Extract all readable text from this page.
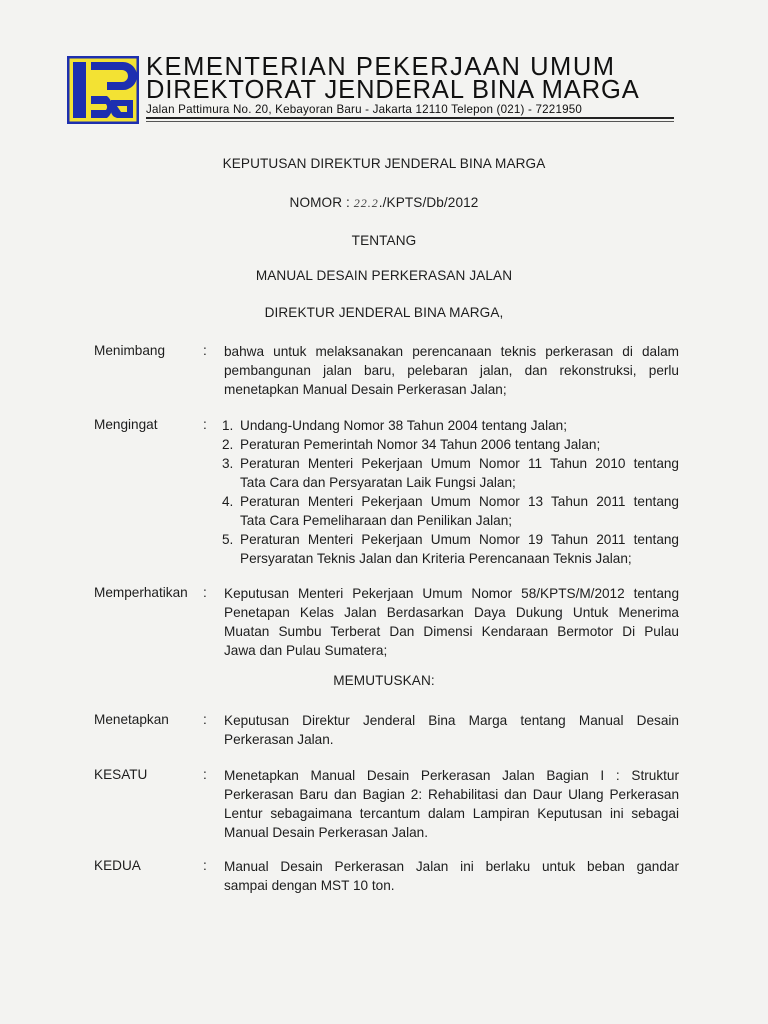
KEMENTERIAN PEKERJAAN UMUM
DIREKTORAT JENDERAL BINA MARGA
Jalan Pattimura No. 20, Kebayoran Baru - Jakarta 12110 Telepon (021) - 7221950
KEPUTUSAN DIREKTUR JENDERAL BINA MARGA
NOMOR : 22.2./KPTS/Db/2012
TENTANG
MANUAL DESAIN PERKERASAN JALAN
DIREKTUR JENDERAL BINA MARGA,
Menimbang	: bahwa untuk melaksanakan perencanaan teknis perkerasan di dalam
pembangunan jalan baru, pelebaran jalan, dan rekonstruksi, perlu
menetapkan Manual Desain Perkerasan Jalan;
Mengingat	: 1. Undang-Undang Nomor 38 Tahun 2004 tentang Jalan;
2. Peraturan Pemerintah Nomor 34 Tahun 2006 tentang Jalan;
3. Peraturan Menteri Pekerjaan Umum Nomor 11 Tahun 2010 tentang
Tata Cara dan Persyaratan Laik Fungsi Jalan;
4. Peraturan Menteri Pekerjaan Umum Nomor 13 Tahun 2011 tentang
Tata Cara Pemeliharaan dan Penilikan Jalan;
5. Peraturan Menteri Pekerjaan Umum Nomor 19 Tahun 2011 tentang
Persyaratan Teknis Jalan dan Kriteria Perencanaan Teknis Jalan;
Memperhatikan : Keputusan Menteri Pekerjaan Umum Nomor 58/KPTS/M/2012 tentang
Penetapan Kelas Jalan Berdasarkan Daya Dukung Untuk Menerima
Muatan Sumbu Terberat Dan Dimensi Kendaraan Bermotor Di Pulau
Jawa dan Pulau Sumatera;
MEMUTUSKAN:
Menetapkan	: Keputusan Direktur Jenderal Bina Marga tentang Manual Desain
Perkerasan Jalan.
KESATU	: Menetapkan Manual Desain Perkerasan Jalan Bagian I : Struktur
Perkerasan Baru dan Bagian 2: Rehabilitasi dan Daur Ulang Perkerasan
Lentur sebagaimana tercantum dalam Lampiran Keputusan ini sebagai
Manual Desain Perkerasan Jalan.
KEDUA	: Manual Desain Perkerasan Jalan ini berlaku untuk beban gandar
sampai dengan MST 10 ton.
